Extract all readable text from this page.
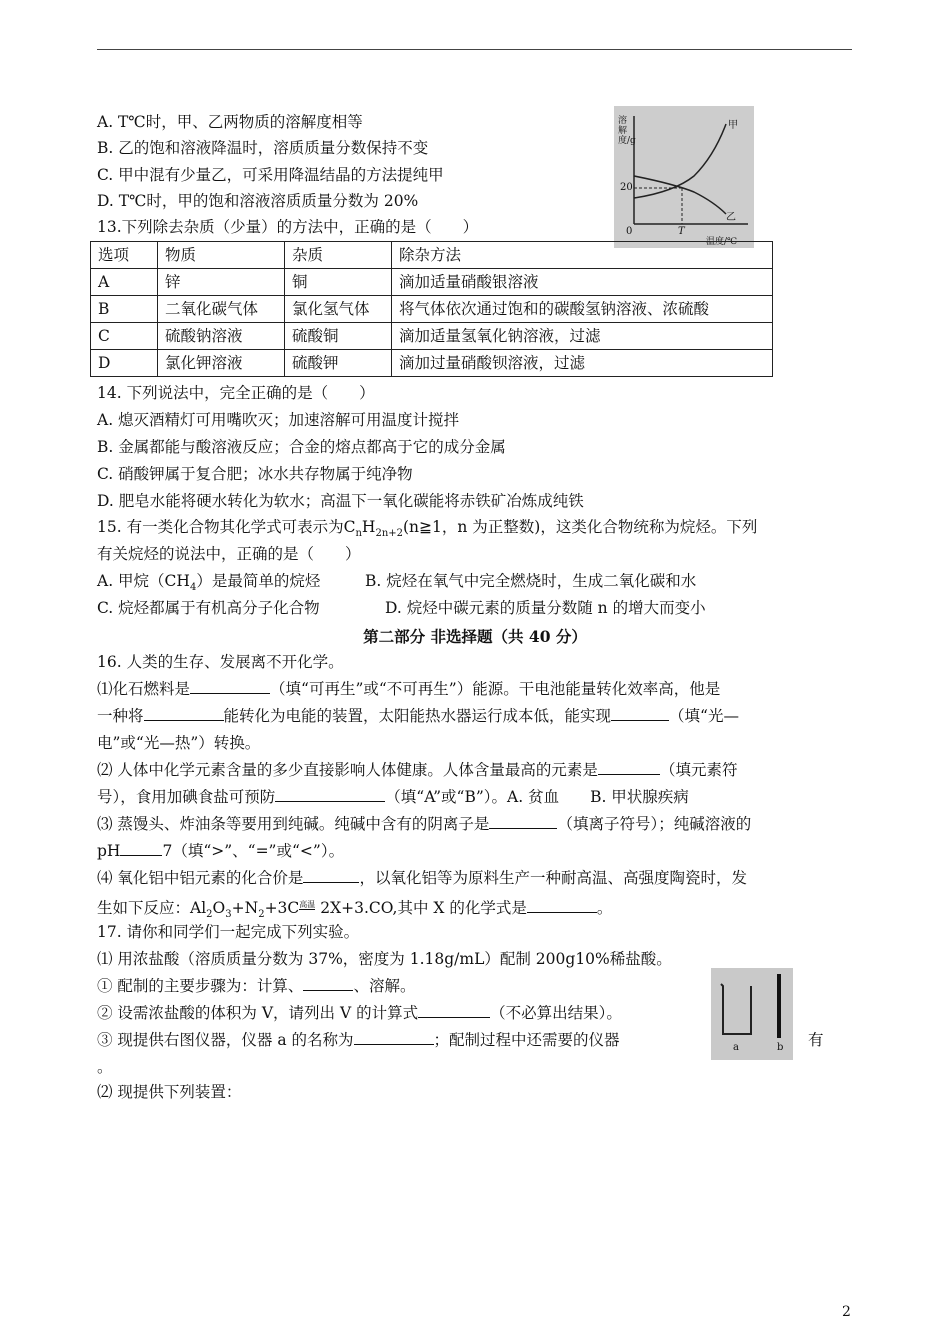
A. T℃时，甲、乙两物质的溶解度相等
B. 乙的饱和溶液降温时，溶质质量分数保持不变
C. 甲中混有少量乙，可采用降温结晶的方法提纯甲
D. T℃时，甲的饱和溶液溶质质量分数为 20%
溶解度/g
20
0	T
温度/℃
甲
乙
13.下列除去杂质（少量）的方法中，正确的是（　　）
选项	物质	杂质	除杂方法
A	锌	铜	滴加适量硝酸银溶液
B	二氧化碳气体	氯化氢气体	将气体依次通过饱和的碳酸氢钠溶液、浓硫酸
C	硫酸钠溶液	硫酸铜	滴加适量氢氧化钠溶液，过滤
D	氯化钾溶液	硫酸钾	滴加过量硝酸钡溶液，过滤
14. 下列说法中，完全正确的是（　　）
A. 熄灭酒精灯可用嘴吹灭；加速溶解可用温度计搅拌
B. 金属都能与酸溶液反应；合金的熔点都高于它的成分金属
C. 硝酸钾属于复合肥；冰水共存物属于纯净物
D. 肥皂水能将硬水转化为软水；高温下一氧化碳能将赤铁矿冶炼成纯铁
15. 有一类化合物其化学式可表示为$C_nH_{2n+2}(n≧1$，n 为正整数)，这类化合物统称为烷烃。下列
有关烷烃的说法中，正确的是（　　）
A. 甲烷$(CH_4)$是最简单的烷烃	B. 烷烃在氧气中完全燃烧时，生成二氧化碳和水
C. 烷烃都属于有机高分子化合物	D. 烷烃中碳元素的质量分数随 n 的增大而变小
第二部分 非选择题（共 40 分）
16. 人类的生存、发展离不开化学。
⑴化石燃料是	（填“可再生”或“不可再生”）能源。干电池能量转化效率高，他是
一种将	能转化为电能的装置，太阳能热水器运行成本低，能实现	（填“光—
电”或“光—热”）转换。
⑵ 人体中化学元素含量的多少直接影响人体健康。人体含量最高的元素是	（填元素符
号），食用加碘食盐可预防	（填“A”或“B”）。A. 贫血　　B. 甲状腺疾病
⑶ 蒸馒头、炸油条等要用到纯碱。纯碱中含有的阴离子是	（填离子符号）；纯碱溶液的
pH	7（填“>”、“=”或“<”）。
⑷ 氧化铝中铝元素的化合价是	，以氧化铝等为原料生产一种耐高温、高强度陶瓷时，发
生如下反应：$Al_2O_3+N_2+3C^{高温}$ 2X+3.CO,其中 X 的化学式是	。
17. 请你和同学们一起完成下列实验。
⑴ 用浓盐酸（溶质质量分数为 37%，密度为 1.18g/mL）配制 200g10%稀盐酸。
① 配制的主要步骤为：计算、	、溶解。
② 设需浓盐酸的体积为 V，请列出 V 的计算式	（不必算出结果）。
③ 现提供右图仪器，仪器 a 的名称为	；配制过程中还需要的仪器	有
。
a	b
⑵ 现提供下列装置：
2
